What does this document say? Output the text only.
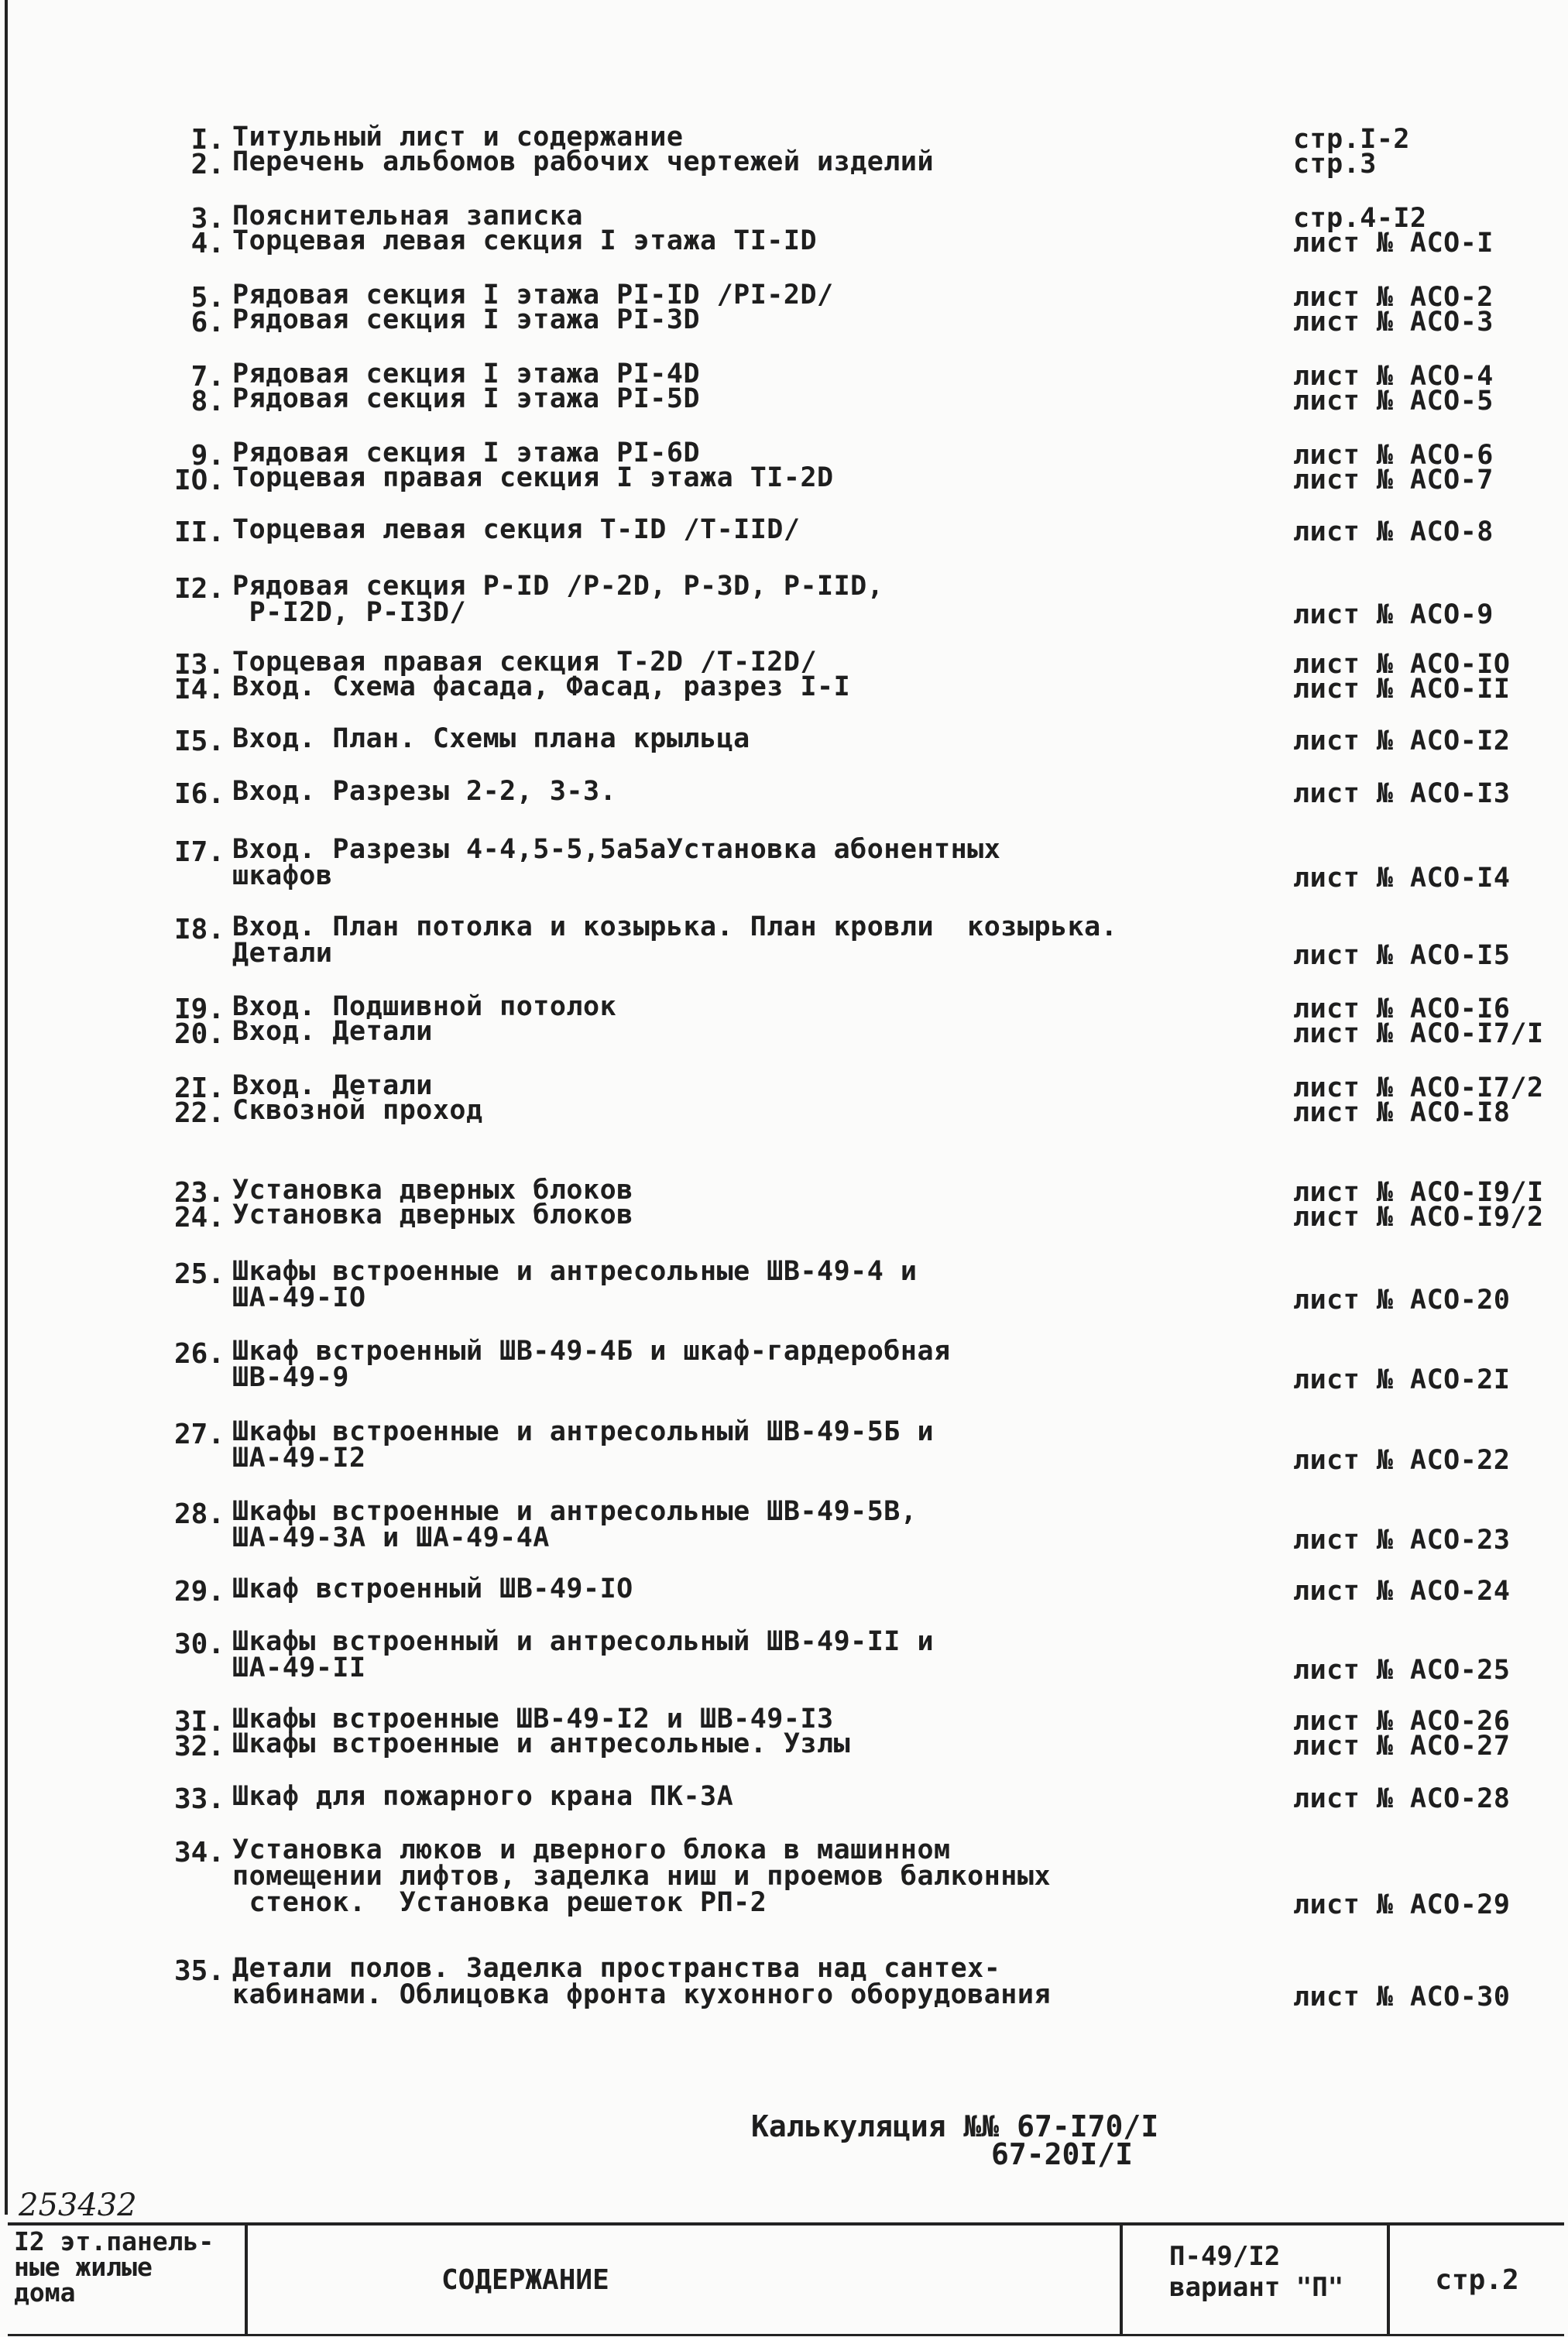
I. Титульный лист и содержание	стр.I-2
2. Перечень альбомов рабочих чертежей изделий	стр.3
3. Пояснительная записка	стр.4-I2
4. Торцевая левая секция I этажа TI-ID	лист № АСО-I
5. Рядовая секция I этажа PI-ID /PI-2D/	лист № АСО-2
6. Рядовая секция I этажа PI-3D	лист № АСО-3
7. Рядовая секция I этажа PI-4D	лист № АСО-4
8. Рядовая секция I этажа PI-5D	лист № АСО-5
9. Рядовая секция I этажа PI-6D	лист № АСО-6
IO. Торцевая правая секция I этажа TI-2D	лист № АСО-7
II. Торцевая левая секция T-ID /T-IID/	лист № АСО-8
I2. Рядовая секция P-ID /P-2D, P-3D, P-IID,
P-I2D, P-I3D/	лист № АСО-9
I3. Торцевая правая секция T-2D /T-I2D/	лист № АСО-IO
I4. Вход. Схема фасада, Фасад, разрез I-I	лист № АСО-II
I5. Вход. План. Схемы плана крыльца	лист № АСО-I2
I6. Вход. Разрезы 2-2, 3-3.	лист № АСО-I3
I7. Вход. Разрезы 4-4,5-5,5а5аУстановка абонентных
шкафов	лист № АСО-I4
I8. Вход. План потолка и козырька. План кровли  козырька.
Детали	лист № АСО-I5
I9. Вход. Подшивной потолок	лист № АСО-I6
20. Вход. Детали	лист № АСО-I7/I
2I. Вход. Детали	лист № АСО-I7/2
22. Сквозной проход	лист № АСО-I8
23. Установка дверных блоков	лист № АСО-I9/I
24. Установка дверных блоков	лист № АСО-I9/2
25. Шкафы встроенные и антресольные ШВ-49-4 и
ША-49-IO	лист № АСО-20
26. Шкаф встроенный ШВ-49-4Б и шкаф-гардеробная
ШВ-49-9	лист № АСО-2I
27. Шкафы встроенные и антресольный ШВ-49-5Б и
ША-49-I2	лист № АСО-22
28. Шкафы встроенные и антресольные ШВ-49-5В,
ША-49-3А и ША-49-4А	лист № АСО-23
29. Шкаф встроенный ШВ-49-IO	лист № АСО-24
30. Шкафы встроенный и антресольный ШВ-49-II и
ША-49-II	лист № АСО-25
3I. Шкафы встроенные ШВ-49-I2 и ШВ-49-I3	лист № АСО-26
32. Шкафы встроенные и антресольные. Узлы	лист № АСО-27
33. Шкаф для пожарного крана ПК-3А	лист № АСО-28
34. Установка люков и дверного блока в машинном
помещении лифтов, заделка ниш и проемов балконных
стенок.  Установка решеток РП-2	лист № АСО-29
35. Детали полов. Заделка пространства над сантех-
кабинами. Облицовка фронта кухонного оборудования	лист № АСО-30
Калькуляция №№ 67-I70/I
67-20I/I
253432
I2 эт.панель-
ные жилые
дома	СОДЕРЖАНИЕ
П-49/I2
вариант "П"	стр.2
